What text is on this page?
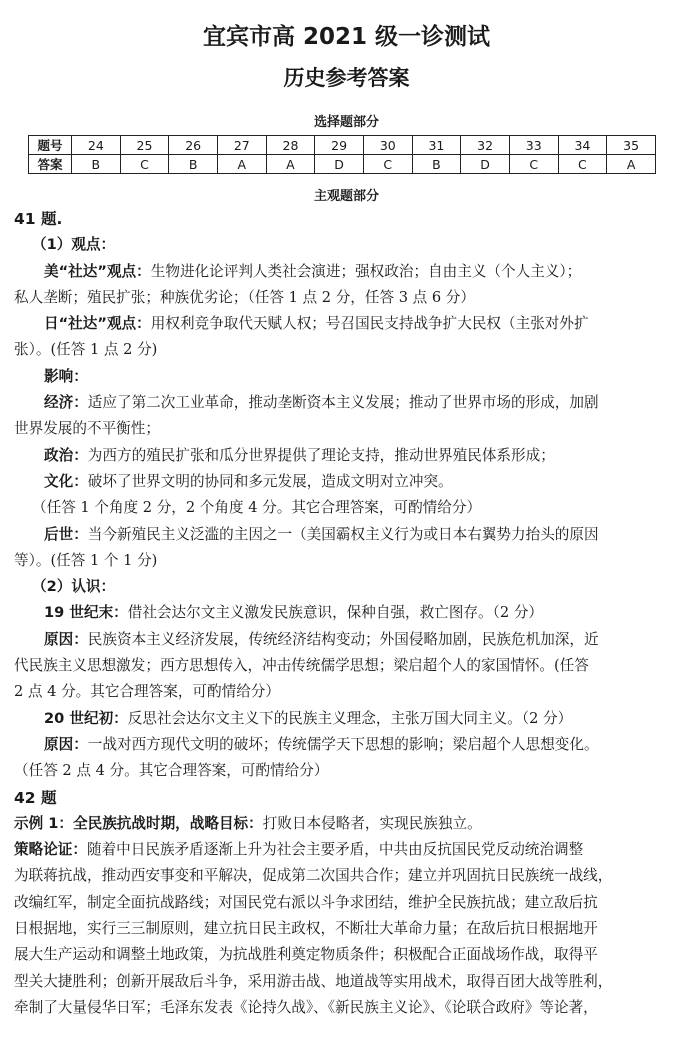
宜宾市高 2021 级一诊测试
历史参考答案
选择题部分
题号	24	25	26	27	28	29	30	31	32	33	34	35
答案	B	C	B	A	A	D	C	B	D	C	C	A
主观题部分
41 题.
（1）观点：
美“社达”观点：生物进化论评判人类社会演进；强权政治；自由主义（个人主义）；
私人垄断；殖民扩张；种族优劣论；（任答 1 点 2 分，任答 3 点 6 分）
日“社达”观点：用权利竞争取代天赋人权；号召国民支持战争扩大民权（主张对外扩
张）。(任答 1 点 2 分)
影响：
经济：适应了第二次工业革命，推动垄断资本主义发展；推动了世界市场的形成，加剧
世界发展的不平衡性；
政治：为西方的殖民扩张和瓜分世界提供了理论支持，推动世界殖民体系形成；
文化：破坏了世界文明的协同和多元发展，造成文明对立冲突。
（任答 1 个角度 2 分，2 个角度 4 分。其它合理答案，可酌情给分）
后世：当今新殖民主义泛滥的主因之一（美国霸权主义行为或日本右翼势力抬头的原因
等）。(任答 1 个 1 分)
（2）认识：
19 世纪末：借社会达尔文主义激发民族意识，保种自强，救亡图存。（2 分）
原因：民族资本主义经济发展，传统经济结构变动；外国侵略加剧，民族危机加深，近
代民族主义思想激发；西方思想传入，冲击传统儒学思想；梁启超个人的家国情怀。(任答
2 点 4 分。其它合理答案，可酌情给分）
20 世纪初：反思社会达尔文主义下的民族主义理念，主张万国大同主义。（2 分）
原因：一战对西方现代文明的破坏；传统儒学天下思想的影响；梁启超个人思想变化。
（任答 2 点 4 分。其它合理答案，可酌情给分）
42 题
示例 1：全民族抗战时期，战略目标：打败日本侵略者，实现民族独立。
策略论证：随着中日民族矛盾逐渐上升为社会主要矛盾，中共由反抗国民党反动统治调整
为联蒋抗战，推动西安事变和平解决，促成第二次国共合作；建立并巩固抗日民族统一战线，
改编红军，制定全面抗战路线；对国民党右派以斗争求团结，维护全民族抗战；建立敌后抗
日根据地，实行三三制原则，建立抗日民主政权，不断壮大革命力量；在敌后抗日根据地开
展大生产运动和调整土地政策，为抗战胜利奠定物质条件；积极配合正面战场作战，取得平
型关大捷胜利；创新开展敌后斗争，采用游击战、地道战等实用战术，取得百团大战等胜利，
牵制了大量侵华日军；毛泽东发表《论持久战》、《新民族主义论》、《论联合政府》等论著，
